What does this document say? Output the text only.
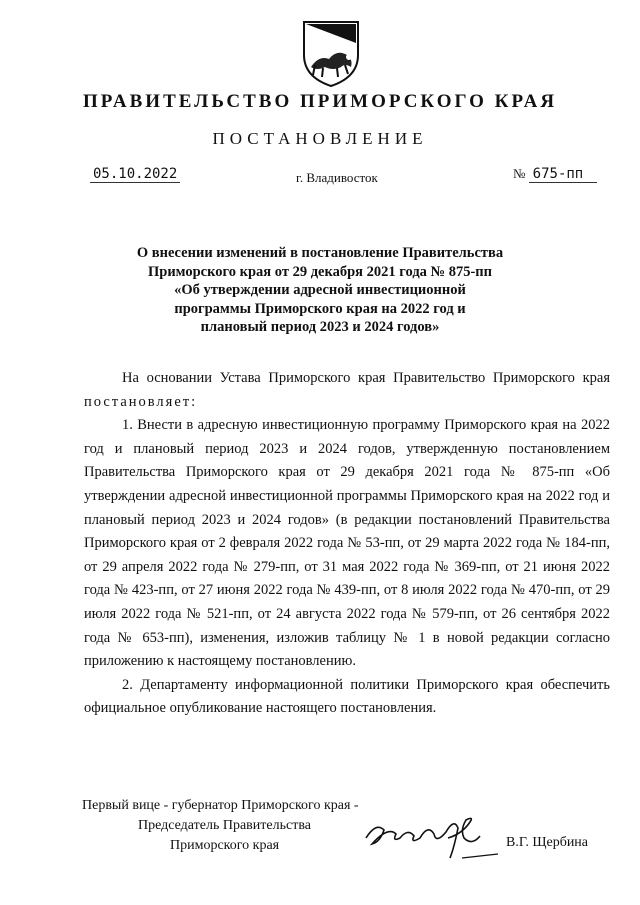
ПРАВИТЕЛЬСТВО ПРИМОРСКОГО КРАЯ
ПОСТАНОВЛЕНИЕ
05.10.2022	г. Владивосток	№ 675-пп
О внесении изменений в постановление Правительства
Приморского края от 29 декабря 2021 года № 875-пп
«Об утверждении адресной инвестиционной
программы Приморского края на 2022 год и
плановый период 2023 и 2024 годов»

На основании Устава Приморского края Правительство Приморского края постановляет:

1. Внести в адресную инвестиционную программу Приморского края на 2022 год и плановый период 2023 и 2024 годов, утвержденную постановлением Правительства Приморского края от 29 декабря 2021 года № 875-пп «Об утверждении адресной инвестиционной программы Приморского края на 2022 год и плановый период 2023 и 2024 годов» (в редакции постановлений Правительства Приморского края от 2 февраля 2022 года № 53-пп, от 29 марта 2022 года № 184-пп, от 29 апреля 2022 года № 279-пп, от 31 мая 2022 года № 369-пп, от 21 июня 2022 года № 423-пп, от 27 июня 2022 года № 439-пп, от 8 июля 2022 года № 470-пп, от 29 июля 2022 года № 521-пп, от 24 августа 2022 года № 579-пп, от 26 сентября 2022 года № 653-пп), изменения, изложив таблицу № 1 в новой редакции согласно приложению к настоящему постановлению.

2. Департаменту информационной политики Приморского края обеспечить официальное опубликование настоящего постановления.

Первый вице - губернатор Приморского края -
Председатель Правительства
Приморского края	В.Г. Щербина
